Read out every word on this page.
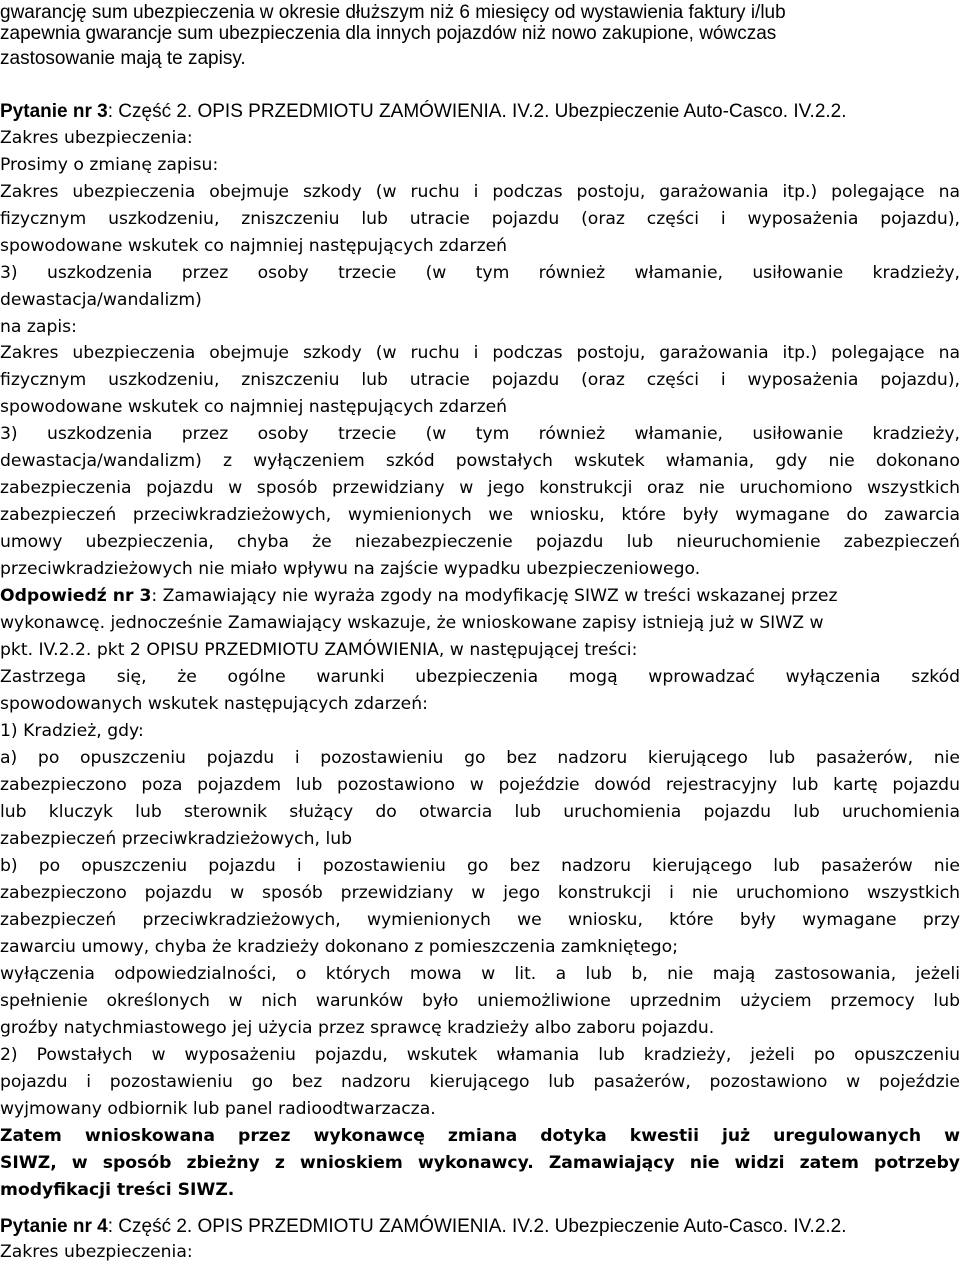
gwarancję sum ubezpieczenia w okresie dłuższym niż 6 miesięcy od wystawienia faktury i/lub
zapewnia gwarancje sum ubezpieczenia dla innych pojazdów niż nowo zakupione, wówczas
zastosowanie mają te zapisy.
Pytanie nr 3: Część 2. OPIS PRZEDMIOTU ZAMÓWIENIA. IV.2. Ubezpieczenie Auto-Casco. IV.2.2.
Zakres ubezpieczenia:
Prosimy o zmianę zapisu:
Zakres ubezpieczenia obejmuje szkody (w ruchu i podczas postoju, garażowania itp.) polegające na
fizycznym uszkodzeniu, zniszczeniu lub utracie pojazdu (oraz części i wyposażenia pojazdu),
spowodowane wskutek co najmniej następujących zdarzeń
3) uszkodzenia przez osoby trzecie (w tym również włamanie, usiłowanie kradzieży,
dewastacja/wandalizm)
na zapis:
Zakres ubezpieczenia obejmuje szkody (w ruchu i podczas postoju, garażowania itp.) polegające na
fizycznym uszkodzeniu, zniszczeniu lub utracie pojazdu (oraz części i wyposażenia pojazdu),
spowodowane wskutek co najmniej następujących zdarzeń
3) uszkodzenia przez osoby trzecie (w tym również włamanie, usiłowanie kradzieży,
dewastacja/wandalizm) z wyłączeniem szkód powstałych wskutek włamania, gdy nie dokonano
zabezpieczenia pojazdu w sposób przewidziany w jego konstrukcji oraz nie uruchomiono wszystkich
zabezpieczeń przeciwkradzieżowych, wymienionych we wniosku, które były wymagane do zawarcia
umowy ubezpieczenia, chyba że niezabezpieczenie pojazdu lub nieuruchomienie zabezpieczeń
przeciwkradzieżowych nie miało wpływu na zajście wypadku ubezpieczeniowego.
Odpowiedź nr 3: Zamawiający nie wyraża zgody na modyfikację SIWZ w treści wskazanej przez
wykonawcę. jednocześnie Zamawiający wskazuje, że wnioskowane zapisy istnieją już w SIWZ w
pkt. IV.2.2. pkt 2 OPISU PRZEDMIOTU ZAMÓWIENIA, w następującej treści:
Zastrzega się, że ogólne warunki ubezpieczenia mogą wprowadzać wyłączenia szkód
spowodowanych wskutek następujących zdarzeń:
1) Kradzież, gdy:
a) po opuszczeniu pojazdu i pozostawieniu go bez nadzoru kierującego lub pasażerów, nie
zabezpieczono poza pojazdem lub pozostawiono w pojeździe dowód rejestracyjny lub kartę pojazdu
lub kluczyk lub sterownik służący do otwarcia lub uruchomienia pojazdu lub uruchomienia
zabezpieczeń przeciwkradzieżowych, lub
b) po opuszczeniu pojazdu i pozostawieniu go bez nadzoru kierującego lub pasażerów nie
zabezpieczono pojazdu w sposób przewidziany w jego konstrukcji i nie uruchomiono wszystkich
zabezpieczeń przeciwkradzieżowych, wymienionych we wniosku, które były wymagane przy
zawarciu umowy, chyba że kradzieży dokonano z pomieszczenia zamkniętego;
wyłączenia odpowiedzialności, o których mowa w lit. a lub b, nie mają zastosowania, jeżeli
spełnienie określonych w nich warunków było uniemożliwione uprzednim użyciem przemocy lub
groźby natychmiastowego jej użycia przez sprawcę kradzieży albo zaboru pojazdu.
2) Powstałych w wyposażeniu pojazdu, wskutek włamania lub kradzieży, jeżeli po opuszczeniu
pojazdu i pozostawieniu go bez nadzoru kierującego lub pasażerów, pozostawiono w pojeździe
wyjmowany odbiornik lub panel radioodtwarzacza.
Zatem wnioskowana przez wykonawcę zmiana dotyka kwestii już uregulowanych w
SIWZ, w sposób zbieżny z wnioskiem wykonawcy. Zamawiający nie widzi zatem potrzeby
modyfikacji treści SIWZ.
Pytanie nr 4: Część 2. OPIS PRZEDMIOTU ZAMÓWIENIA. IV.2. Ubezpieczenie Auto-Casco. IV.2.2.
Zakres ubezpieczenia:
